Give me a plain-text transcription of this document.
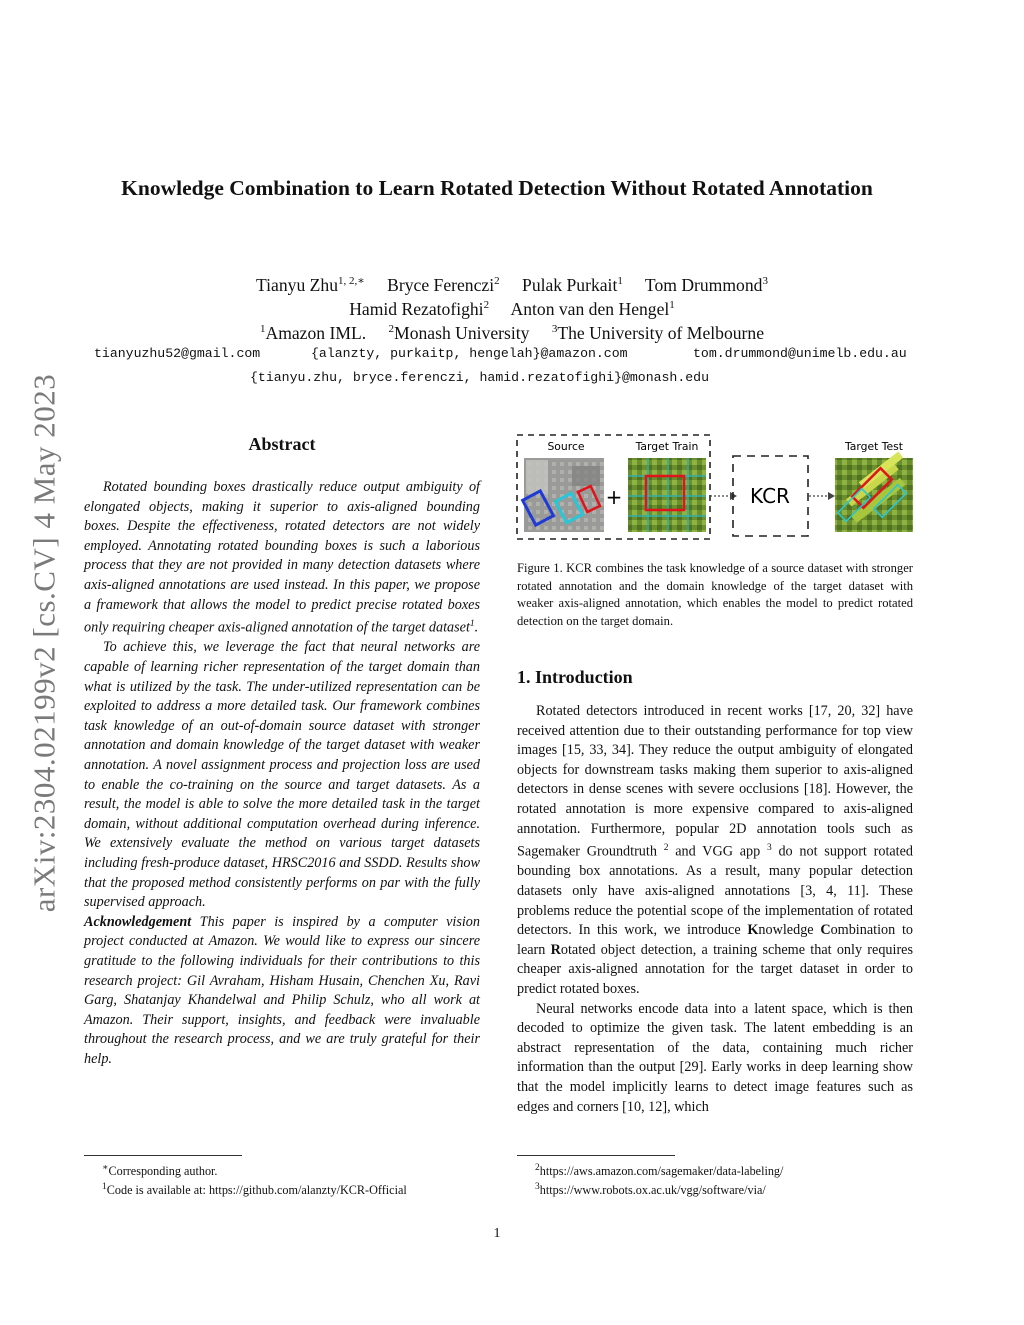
arXiv:2304.02199v2 [cs.CV] 4 May 2023
Knowledge Combination to Learn Rotated Detection Without Rotated Annotation
Tianyu Zhu$^{1, 2,∗}$ Bryce Ferenczi$^2$ Pulak Purkait$^1$ Tom Drummond$^3$
Hamid Rezatofighi$^2$ Anton van den Hengel$^1$
$^1$Amazon IML. $^2$Monash University $^3$The University of Melbourne
tianyuzhu52@gmail.com	{alanzty, purkaitp, hengelah}@amazon.com	tom.drummond@unimelb.edu.au
{tianyu.zhu, bryce.ferenczi, hamid.rezatofighi}@monash.edu
Abstract

Rotated bounding boxes drastically reduce output ambiguity of elongated objects, making it superior to axis-aligned bounding boxes. Despite the effectiveness, rotated detectors are not widely employed. Annotating rotated bounding boxes is such a laborious process that they are not provided in many detection datasets where axis-aligned annotations are used instead. In this paper, we propose a framework that allows the model to predict precise rotated boxes only requiring cheaper axis-aligned annotation of the target dataset$^1$.

To achieve this, we leverage the fact that neural networks are capable of learning richer representation of the target domain than what is utilized by the task. The under-utilized representation can be exploited to address a more detailed task. Our framework combines task knowledge of an out-of-domain source dataset with stronger annotation and domain knowledge of the target dataset with weaker annotation. A novel assignment process and projection loss are used to enable the co-training on the source and target datasets. As a result, the model is able to solve the more detailed task in the target domain, without additional computation overhead during inference. We extensively evaluate the method on various target datasets including fresh-produce dataset, HRSC2016 and SSDD. Results show that the proposed method consistently performs on par with the fully supervised approach.

Acknowledgement This paper is inspired by a computer vision project conducted at Amazon. We would like to express our sincere gratitude to the following individuals for their contributions to this research project: Gil Avraham, Hisham Husain, Chenchen Xu, Ravi Garg, Shatanjay Khandelwal and Philip Schulz, who all work at Amazon. Their support, insights, and feedback were invaluable throughout the research process, and we are truly grateful for their help.

∗Corresponding author.
$^1$Code is available at: https://github.com/alanzty/KCR-Official
Source	Target Train	Target Test
+	KCR
Figure 1. KCR combines the task knowledge of a source dataset with stronger rotated annotation and the domain knowledge of the target dataset with weaker axis-aligned annotation, which enables the model to predict rotated detection on the target domain.
1. Introduction

Rotated detectors introduced in recent works [17, 20, 32] have received attention due to their outstanding performance for top view images [15, 33, 34]. They reduce the output ambiguity of elongated objects for downstream tasks making them superior to axis-aligned detectors in dense scenes with severe occlusions [18]. However, the rotated annotation is more expensive compared to axis-aligned annotation. Furthermore, popular 2D annotation tools such as Sagemaker Groundtruth $^2$ and VGG app $^3$ do not support rotated bounding box annotations. As a result, many popular detection datasets only have axis-aligned annotations [3, 4, 11]. These problems reduce the potential scope of the implementation of rotated detectors. In this work, we introduce Knowledge Combination to learn Rotated object detection, a training scheme that only requires cheaper axis-aligned annotation for the target dataset in order to predict rotated boxes.

Neural networks encode data into a latent space, which is then decoded to optimize the given task. The latent embedding is an abstract representation of the data, containing much richer information than the output [29]. Early works in deep learning show that the model implicitly learns to detect image features such as edges and corners [10, 12], which

$^2$https://aws.amazon.com/sagemaker/data-labeling/
$^3$https://www.robots.ox.ac.uk/vgg/software/via/
1
